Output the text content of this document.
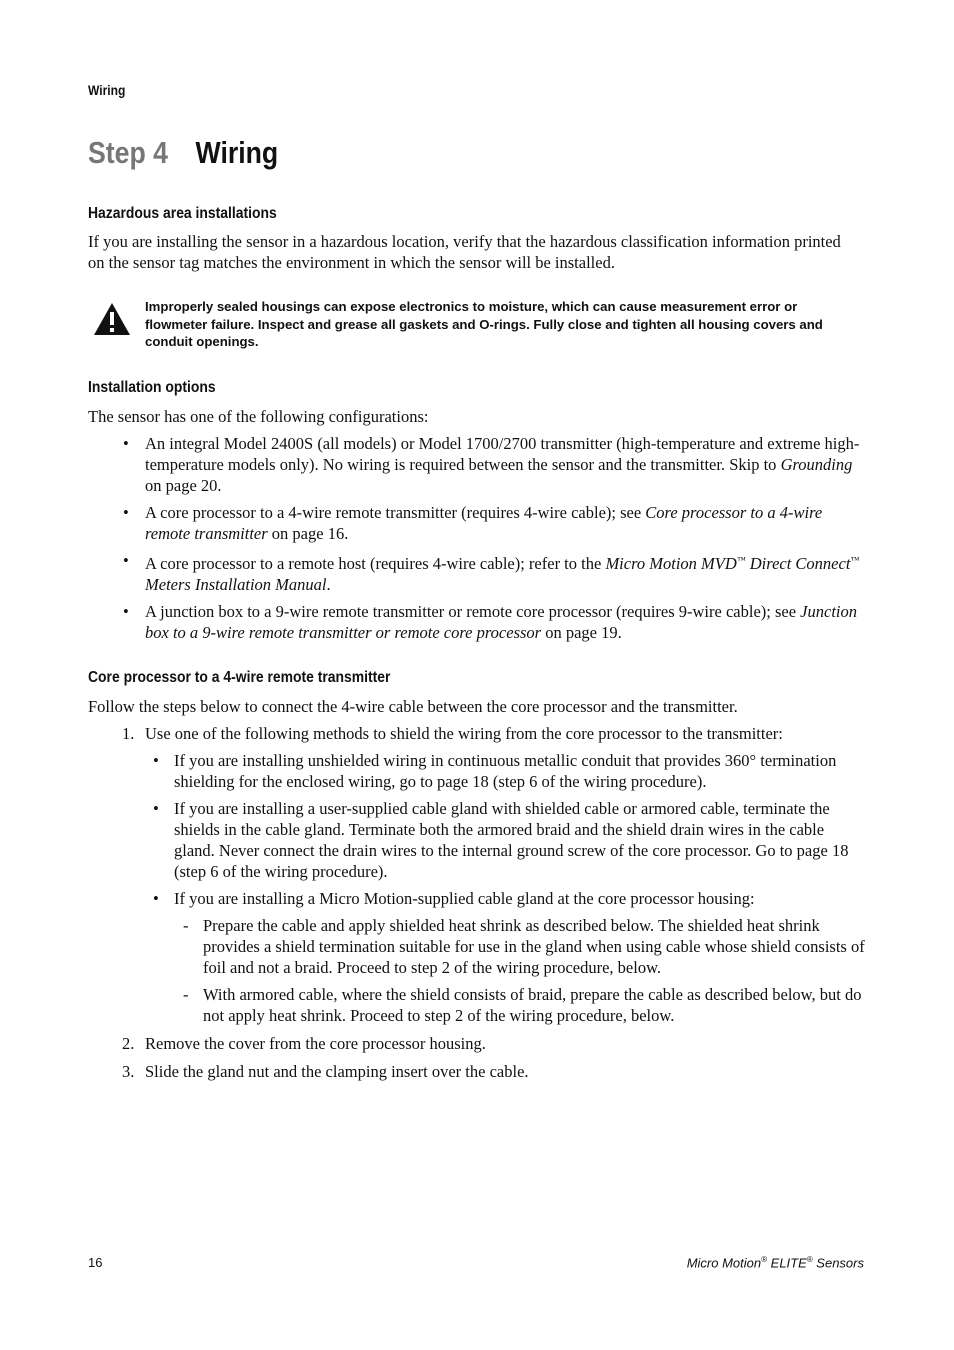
Wiring
Step 4 Wiring
Hazardous area installations
If you are installing the sensor in a hazardous location, verify that the hazardous classification information printed on the sensor tag matches the environment in which the sensor will be installed.
Improperly sealed housings can expose electronics to moisture, which can cause measurement error or flowmeter failure. Inspect and grease all gaskets and O-rings. Fully close and tighten all housing covers and conduit openings.
Installation options
The sensor has one of the following configurations:
• An integral Model 2400S (all models) or Model 1700/2700 transmitter (high-temperature and extreme high-temperature models only). No wiring is required between the sensor and the transmitter. Skip to Grounding on page 20.
• A core processor to a 4-wire remote transmitter (requires 4-wire cable); see Core processor to a 4-wire remote transmitter on page 16.
• A core processor to a remote host (requires 4-wire cable); refer to the Micro Motion MVD™ Direct Connect™ Meters Installation Manual.
• A junction box to a 9-wire remote transmitter or remote core processor (requires 9-wire cable); see Junction box to a 9-wire remote transmitter or remote core processor on page 19.
Core processor to a 4-wire remote transmitter
Follow the steps below to connect the 4-wire cable between the core processor and the transmitter.
1. Use one of the following methods to shield the wiring from the core processor to the transmitter:
• If you are installing unshielded wiring in continuous metallic conduit that provides 360° termination shielding for the enclosed wiring, go to page 18 (step 6 of the wiring procedure).
• If you are installing a user-supplied cable gland with shielded cable or armored cable, terminate the shields in the cable gland. Terminate both the armored braid and the shield drain wires in the cable gland. Never connect the drain wires to the internal ground screw of the core processor. Go to page 18 (step 6 of the wiring procedure).
• If you are installing a Micro Motion-supplied cable gland at the core processor housing:
- Prepare the cable and apply shielded heat shrink as described below. The shielded heat shrink provides a shield termination suitable for use in the gland when using cable whose shield consists of foil and not a braid. Proceed to step 2 of the wiring procedure, below.
- With armored cable, where the shield consists of braid, prepare the cable as described below, but do not apply heat shrink. Proceed to step 2 of the wiring procedure, below.
2. Remove the cover from the core processor housing.
3. Slide the gland nut and the clamping insert over the cable.
16	Micro Motion® ELITE® Sensors
